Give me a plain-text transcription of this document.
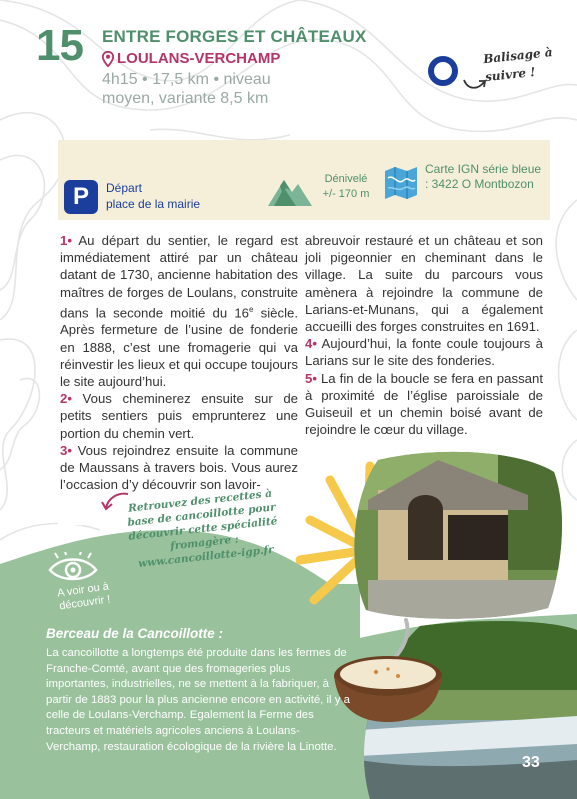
15 ENTRE FORGES ET CHÂTEAUX
LOULANS-VERCHAMP
4h15 • 17,5 km • niveau moyen, variante 8,5 km
Balisage à suivre !
P	Départ
place de la mairie
Dénivelé
+/- 170 m
Carte IGN série bleue : 3422 O Montbozon

1• Au départ du sentier, le regard est immédiatement attiré par un château datant de 1730, ancienne habitation des maîtres de forges de Loulans, construite dans la seconde moitié du 16e siècle. Après fermeture de l’usine de fonderie en 1888, c’est une fromagerie qui va réinvestir les lieux et qui occupe toujours le site aujourd’hui.

2• Vous cheminerez ensuite sur de petits sentiers puis emprunterez une portion du chemin vert.

3• Vous rejoindrez ensuite la commune de Maussans à travers bois. Vous aurez l’occasion d’y découvrir son lavoir-

abreuvoir restauré et un château et son joli pigeonnier en cheminant dans le village. La suite du parcours vous amènera à rejoindre la commune de Larians-et-Munans, qui a également accueilli des forges construites en 1691.

4• Aujourd’hui, la fonte coule toujours à Larians sur le site des fonderies.

5• La fin de la boucle se fera en passant à proximité de l’église paroissiale de Guiseuil et un chemin boisé avant de rejoindre le cœur du village.

A voir ou à découvrir !
Retrouvez des recettes à base de cancoillotte pour découvrir cette spécialité fromagère : www.cancoillotte-igp.fr
Berceau de la Cancoillotte :
La cancoillotte a longtemps été produite dans les fermes de Franche-Comté, avant que des fromageries plus importantes, industrielles, ne se mettent à la fabriquer, à partir de 1883 pour la plus ancienne encore en activité, il y a celle de Loulans-Verchamp. Egalement la Ferme des tracteurs et matériels agricoles anciens à Loulans-Verchamp, restauration écologique de la rivière la Linotte.
33
